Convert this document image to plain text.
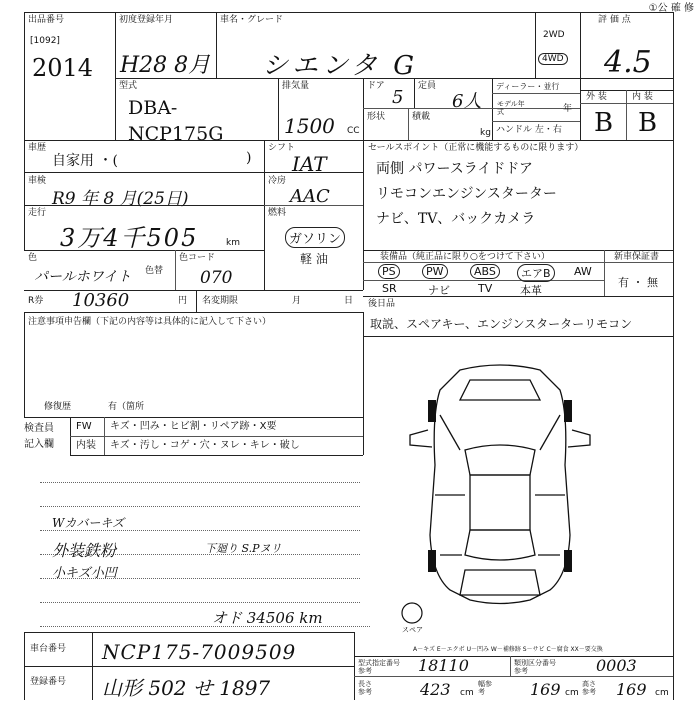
①公 確 修
出品番号
[1092]
2014
初度登録年月
H28 8月
車名・グレード
シエンタ G
2WD
4WD
評 価 点
4.5
外 装	内 装
B B
型式
DBA- NCP175G
排気量
1500 CC
ドア
5
定員
6人
ディーラー・並行
モデル年式	年
形状	積載
kg ハンドル 左・右
車歴
自家用 ・(	)
シフト
IAT
車検
R9 年 8 月(25日)
冷房
AAC
走行
3万4千505	km
燃料
ガソリン
軽 油
色
パールホワイト 色替
色コード
070
R券 10360	円 名変期限	月	日
注意事項申告欄（下記の内容等は具体的に記入して下さい）
修復歴	有（箇所
セールスポイント（正常に機能するものに限ります）
両側 パワースライドドア
リモコンエンジンスターター
ナビ、TV、バックカメラ
装備品（純正品に限り○をつけて下さい）	新車保証書
PS	PW	ABS	エアB	AW
SR	ナビ	TV	本革
有 ・ 無
後日品
取説、スペアキー、エンジンスターターリモコン
検査員
記入欄
FW キズ・凹み・ヒビ割・リペア跡・X要
内装 キズ・汚し・コゲ・穴・ヌレ・キレ・破し
Wカバーキズ
外装鉄粉
小キズ小凹
下廻り S.Pヌリ
オド 34506 km
スペア
A－キズ E－エクボ U－凹み W－補修跡 S－サビ C－腐食 XX－要交換
車台番号 NCP175-7009509
登録番号 山形 502 せ 1897
型式指定番号参考	18110	類別区分番号参考	0003
長さ参考	423 cm
幅参考	169 cm
高さ参考	169 cm
